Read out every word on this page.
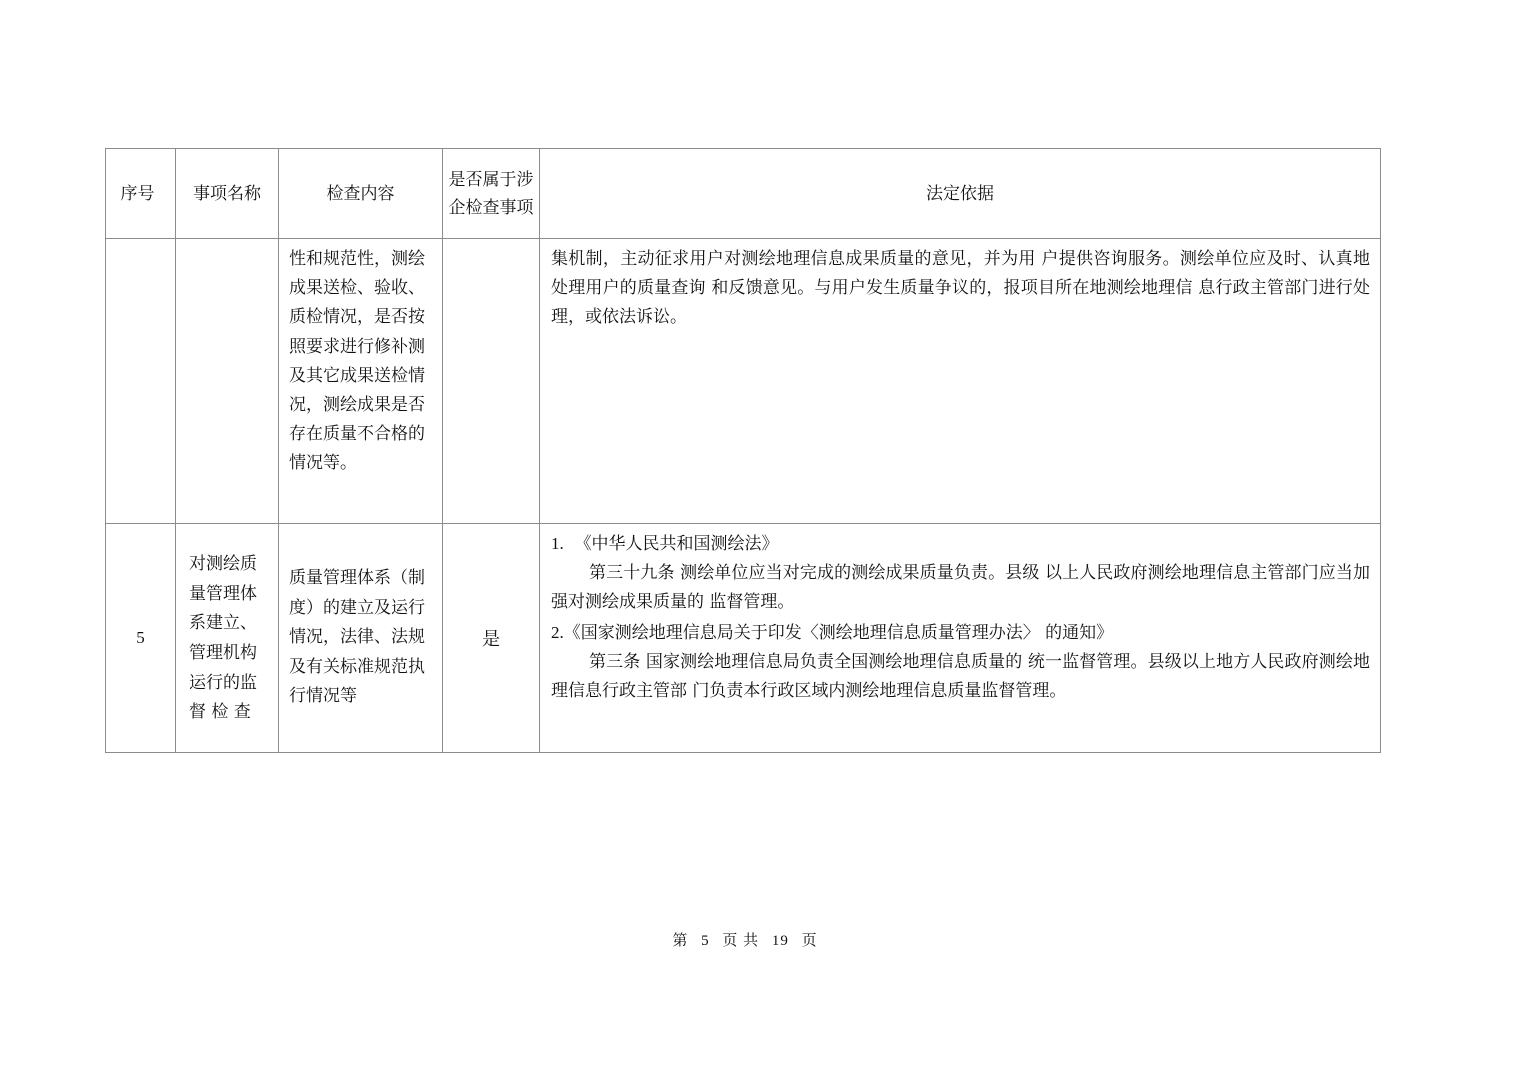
序号	事项名称	检查内容	是否属于涉企检查事项	法定依据
		性和规范性，测绘成果送检、验收、质检情况，是否按照要求进行修补测及其它成果送检情况，测绘成果是否存在质量不合格的情况等。		集机制，主动征求用户对测绘地理信息成果质量的意见，并为用 户提供咨询服务。测绘单位应及时、认真地处理用户的质量查询 和反馈意见。与用户发生质量争议的，报项目所在地测绘地理信 息行政主管部门进行处理，或依法诉讼。
5	对测绘质量管理体系建立、管理机构运行的监督 检 查	质量管理体系（制度）的建立及运行情况，法律、法规及有关标准规范执行情况等	是	1. 《中华人民共和国测绘法》
第三十九条 测绘单位应当对完成的测绘成果质量负责。县级 以上人民政府测绘地理信息主管部门应当加强对测绘成果质量的 监督管理。
2.《国家测绘地理信息局关于印发〈测绘地理信息质量管理办法〉 的通知》
第三条 国家测绘地理信息局负责全国测绘地理信息质量的 统一监督管理。县级以上地方人民政府测绘地理信息行政主管部 门负责本行政区域内测绘地理信息质量监督管理。
第 5 页 共 19 页
